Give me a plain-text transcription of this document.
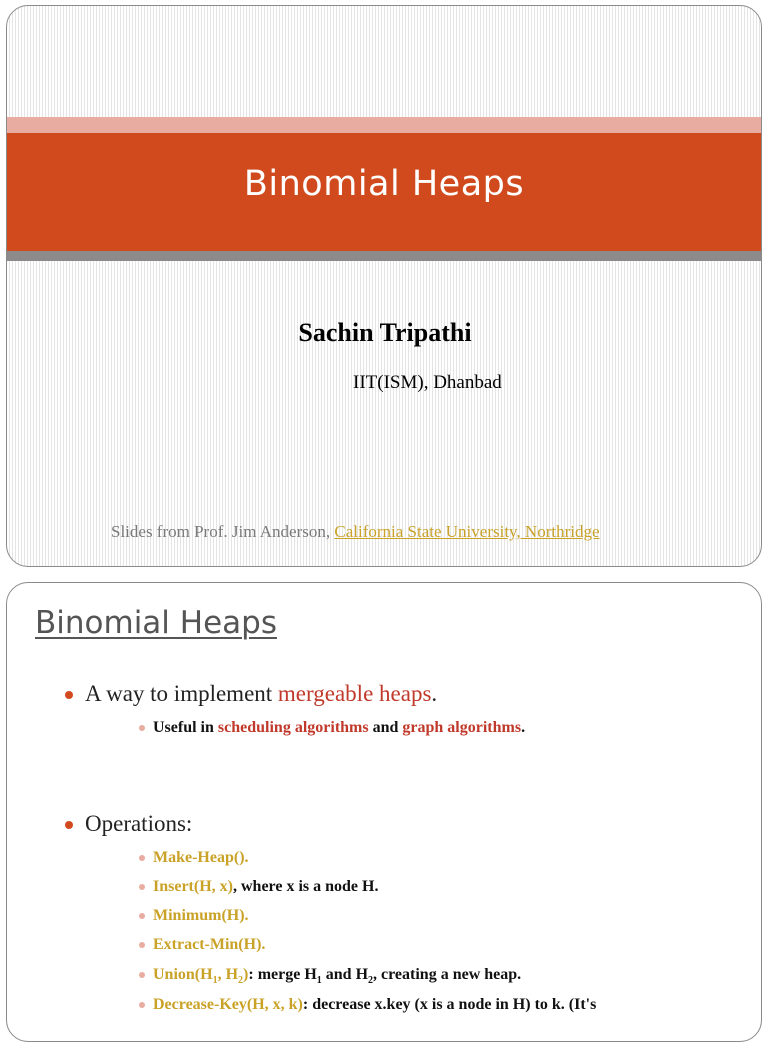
Binomial Heaps
Sachin Tripathi
IIT(ISM), Dhanbad
Slides from Prof. Jim Anderson, California State University, Northridge
Binomial Heaps
A way to implement mergeable heaps.
Useful in scheduling algorithms and graph algorithms.
Operations:
Make-Heap().
Insert(H, x), where x is a node H.
Minimum(H).
Extract-Min(H).
$Union(H_1$, $H_2$): merge $H_1$ and $H_2$, creating a new heap.
Decrease-Key(H, x, k): decrease x.key (x is a node in H) to k. (It's
